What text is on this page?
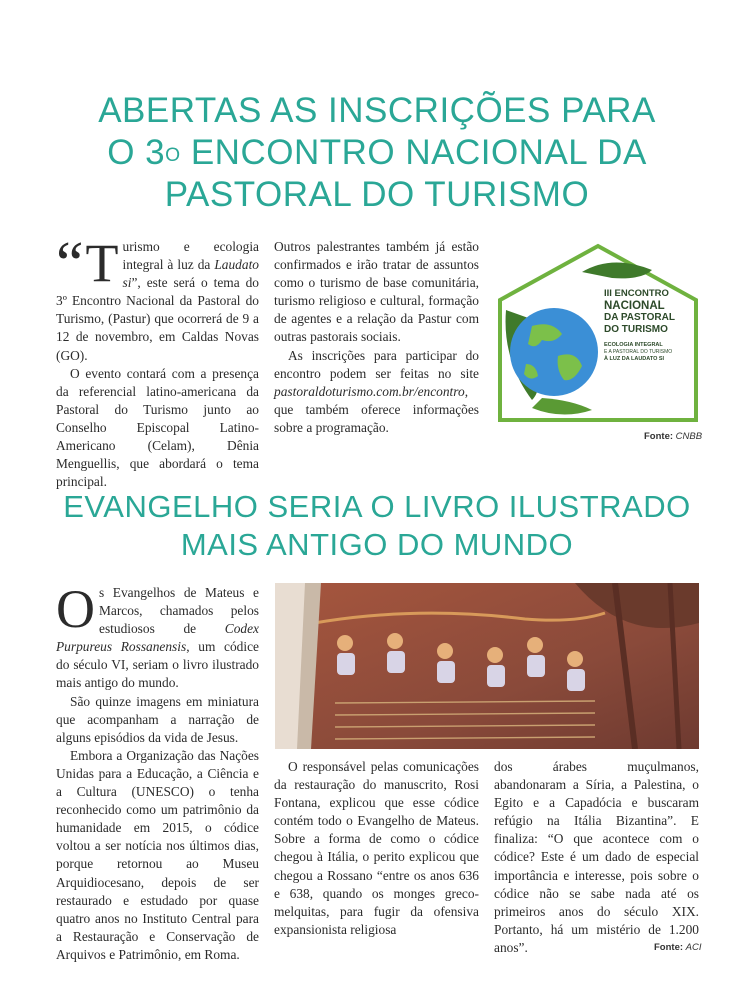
ABERTAS AS INSCRIÇÕES PARA
O $3^O$ ENCONTRO NACIONAL DA
PASTORAL DO TURISMO

“ T urismo e ecologia integral à luz da Laudato si”, este será o tema do 3º Encontro Nacional da Pastoral do Turismo, (Pastur) que ocorrerá de 9 a 12 de novembro, em Caldas Novas (GO).

O evento contará com a presença da referencial latino-americana da Pastoral do Turismo junto ao Conselho Episcopal Latino-Americano (Celam), Dênia Menguellis, que abordará o tema principal.

Outros palestrantes também já estão confirmados e irão tratar de assuntos como o turismo de base comunitária, turismo religioso e cultural, formação de agentes e a relação da Pastur com outras pastorais sociais.

As inscrições para participar do encontro podem ser feitas no site pastoraldoturismo.com.br/encontro, que também oferece informações sobre a programação.

III ENCONTRO
NACIONAL
DA PASTORAL
DO TURISMO
ECOLOGIA INTEGRAL
E A PASTORAL DO TURISMO
À LUZ DA LAUDATO SI
Fonte: CNBB
EVANGELHO SERIA O LIVRO ILUSTRADO
MAIS ANTIGO DO MUNDO

Os Evangelhos de Mateus e Marcos, chamados pelos estudiosos de Codex Purpureus Rossanensis, um códice do século VI, seriam o livro ilustrado mais antigo do mundo.

São quinze imagens em miniatura que acompanham a narração de alguns episódios da vida de Jesus.

Embora a Organização das Nações Unidas para a Educação, a Ciência e a Cultura (UNESCO) o tenha reconhecido como um patrimônio da humanidade em 2015, o códice voltou a ser notícia nos últimos dias, porque retornou ao Museu Arquidiocesano, depois de ser restaurado e estudado por quase quatro anos no Instituto Central para a Restauração e Conservação de Arquivos e Patrimônio, em Roma.

O responsável pelas comunicações da restauração do manuscrito, Rosi Fontana, explicou que esse códice contém todo o Evangelho de Mateus. Sobre a forma de como o códice chegou à Itália, o perito explicou que chegou a Rossano “entre os anos 636 e 638, quando os monges greco-melquitas, para fugir da ofensiva expansionista religiosa

dos árabes muçulmanos, abandonaram a Síria, a Palestina, o Egito e a Capadócia e buscaram refúgio na Itália Bizantina”. E finaliza: “O que acontece com o códice? Este é um dado de especial importância e interesse, pois sobre o códice não se sabe nada até os primeiros anos do século XIX. Portanto, há um mistério de 1.200 anos”.	Fonte: ACI
